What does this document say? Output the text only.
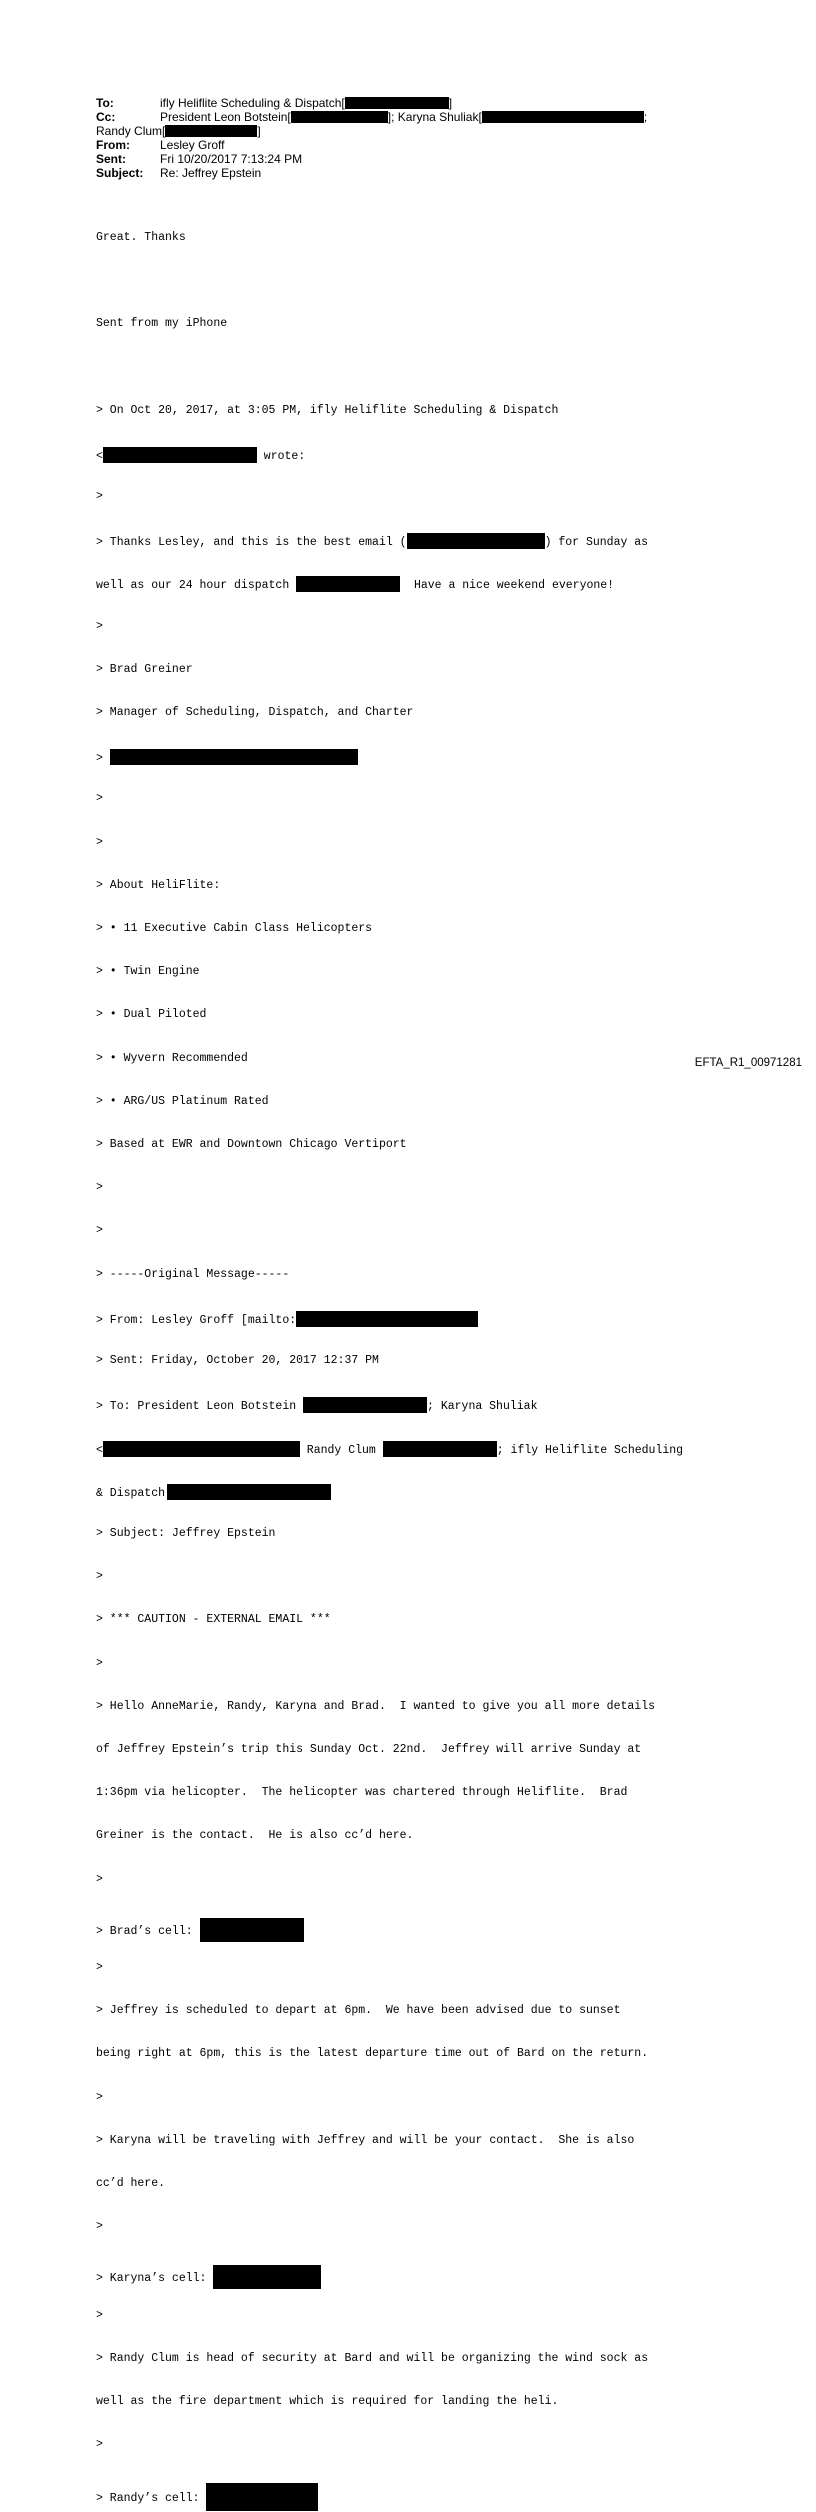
To:	ifly Heliflite Scheduling & Dispatch[	]
Cc:	President Leon Botstein[	]; Karyna Shuliak[	;
Randy Clum[	]
From:	Lesley Groff
Sent:	Fri 10/20/2017 7:13:24 PM
Subject:	Re: Jeffrey Epstein

Great. Thanks

Sent from my iPhone

> On Oct 20, 2017, at 3:05 PM, ifly Heliflite Scheduling & Dispatch

<	wrote:

>

> Thanks Lesley, and this is the best email (	) for Sunday as

well as our 24 hour dispatch	Have a nice weekend everyone!

>

> Brad Greiner

> Manager of Scheduling, Dispatch, and Charter

>

>

>

> About HeliFlite:

> • 11 Executive Cabin Class Helicopters

> • Twin Engine

> • Dual Piloted

> • Wyvern Recommended

> • ARG/US Platinum Rated

> Based at EWR and Downtown Chicago Vertiport

>

>

> -----Original Message-----

> From: Lesley Groff [mailto:

> Sent: Friday, October 20, 2017 12:37 PM

> To: President Leon Botstein	; Karyna Shuliak

<	Randy Clum	; ifly Heliflite Scheduling

& Dispatch

> Subject: Jeffrey Epstein

>

> *** CAUTION - EXTERNAL EMAIL ***

>

> Hello AnneMarie, Randy, Karyna and Brad.  I wanted to give you all more details

of Jeffrey Epstein’s trip this Sunday Oct. 22nd.  Jeffrey will arrive Sunday at

1:36pm via helicopter.  The helicopter was chartered through Heliflite.  Brad

Greiner is the contact.  He is also cc’d here.

>

> Brad’s cell:

>

> Jeffrey is scheduled to depart at 6pm.  We have been advised due to sunset

being right at 6pm, this is the latest departure time out of Bard on the return.

>

> Karyna will be traveling with Jeffrey and will be your contact.  She is also

cc’d here.

>

> Karyna’s cell:

>

> Randy Clum is head of security at Bard and will be organizing the wind sock as

well as the fire department which is required for landing the heli.

>

> Randy’s cell:

EFTA_R1_00971281
